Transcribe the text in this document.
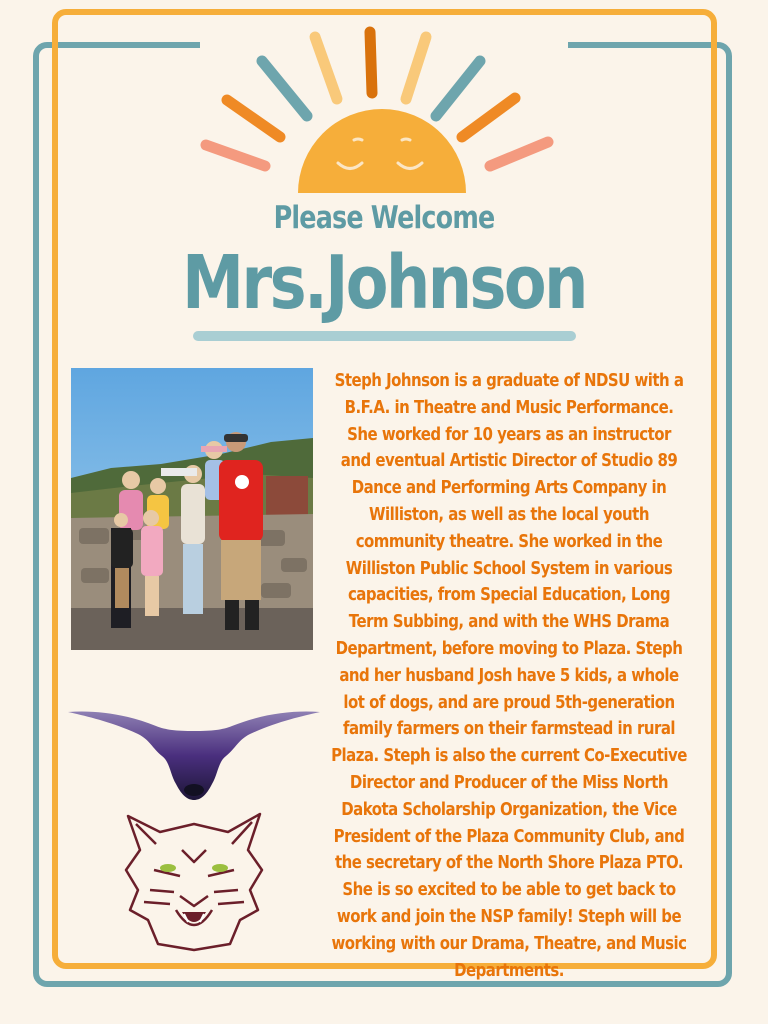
Please Welcome
Mrs.Johnson

Steph Johnson is a graduate of NDSU with a B.F.A. in Theatre and Music Performance. She worked for 10 years as an instructor and eventual Artistic Director of Studio 89 Dance and Performing Arts Company in Williston, as well as the local youth community theatre. She worked in the Williston Public School System in various capacities, from Special Education, Long Term Subbing, and with the WHS Drama Department, before moving to Plaza. Steph and her husband Josh have 5 kids, a whole lot of dogs, and are proud 5th-generation family farmers on their farmstead in rural Plaza. Steph is also the current Co-Executive Director and Producer of the Miss North Dakota Scholarship Organization, the Vice President of the Plaza Community Club, and the secretary of the North Shore Plaza PTO. She is so excited to be able to get back to work and join the NSP family! Steph will be working with our Drama, Theatre, and Music Departments.
